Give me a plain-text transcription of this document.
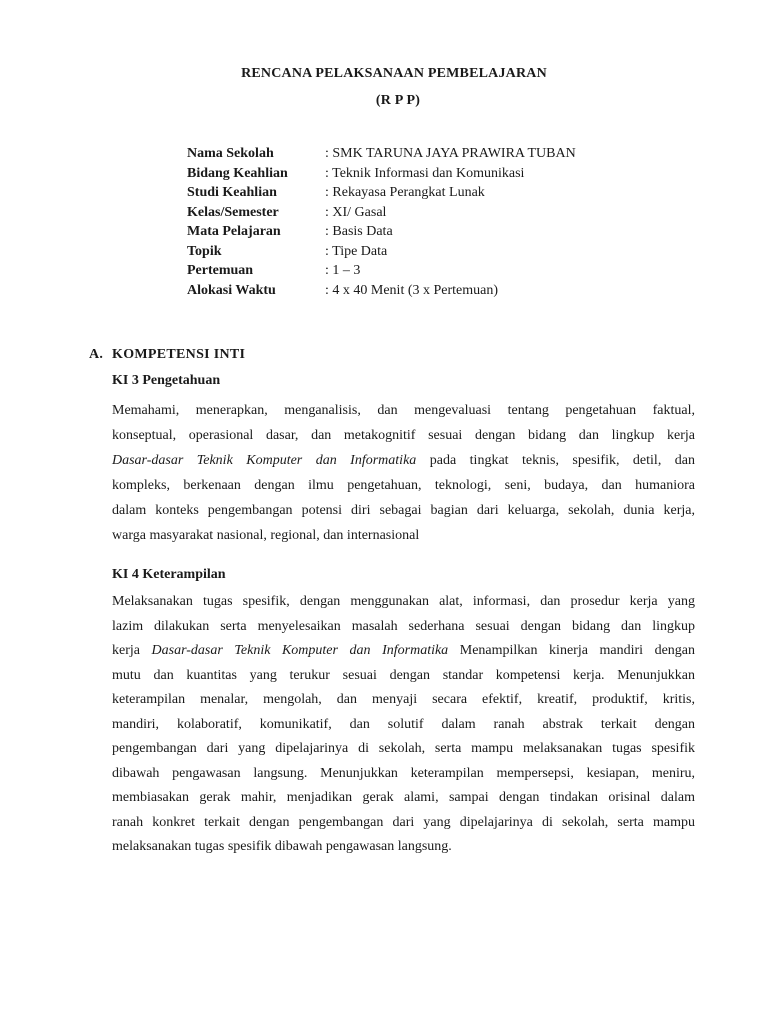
RENCANA PELAKSANAAN PEMBELAJARAN
(R P P)
Nama Sekolah	: SMK TARUNA JAYA PRAWIRA TUBAN
Bidang Keahlian	: Teknik Informasi dan Komunikasi
Studi Keahlian	: Rekayasa Perangkat Lunak
Kelas/Semester	: XI/ Gasal
Mata Pelajaran	: Basis Data
Topik	: Tipe Data
Pertemuan	: 1 – 3
Alokasi Waktu	: 4 x 40 Menit (3 x Pertemuan)
A. KOMPETENSI INTI
KI 3 Pengetahuan
Memahami, menerapkan, menganalisis, dan mengevaluasi tentang pengetahuan faktual,
konseptual, operasional dasar, dan metakognitif sesuai dengan bidang dan lingkup kerja
Dasar-dasar Teknik Komputer dan Informatika pada tingkat teknis, spesifik, detil, dan
kompleks, berkenaan dengan ilmu pengetahuan, teknologi, seni, budaya, dan humaniora
dalam konteks pengembangan potensi diri sebagai bagian dari keluarga, sekolah, dunia kerja,
warga masyarakat nasional, regional, dan internasional
KI 4 Keterampilan
Melaksanakan tugas spesifik, dengan menggunakan alat, informasi, dan prosedur kerja yang
lazim dilakukan serta menyelesaikan masalah sederhana sesuai dengan bidang dan lingkup
kerja Dasar-dasar Teknik Komputer dan Informatika Menampilkan kinerja mandiri dengan
mutu dan kuantitas yang terukur sesuai dengan standar kompetensi kerja. Menunjukkan
keterampilan menalar, mengolah, dan menyaji secara efektif, kreatif, produktif, kritis,
mandiri, kolaboratif, komunikatif, dan solutif dalam ranah abstrak terkait dengan
pengembangan dari yang dipelajarinya di sekolah, serta mampu melaksanakan tugas spesifik
dibawah pengawasan langsung. Menunjukkan keterampilan mempersepsi, kesiapan, meniru,
membiasakan gerak mahir, menjadikan gerak alami, sampai dengan tindakan orisinal dalam
ranah konkret terkait dengan pengembangan dari yang dipelajarinya di sekolah, serta mampu
melaksanakan tugas spesifik dibawah pengawasan langsung.
